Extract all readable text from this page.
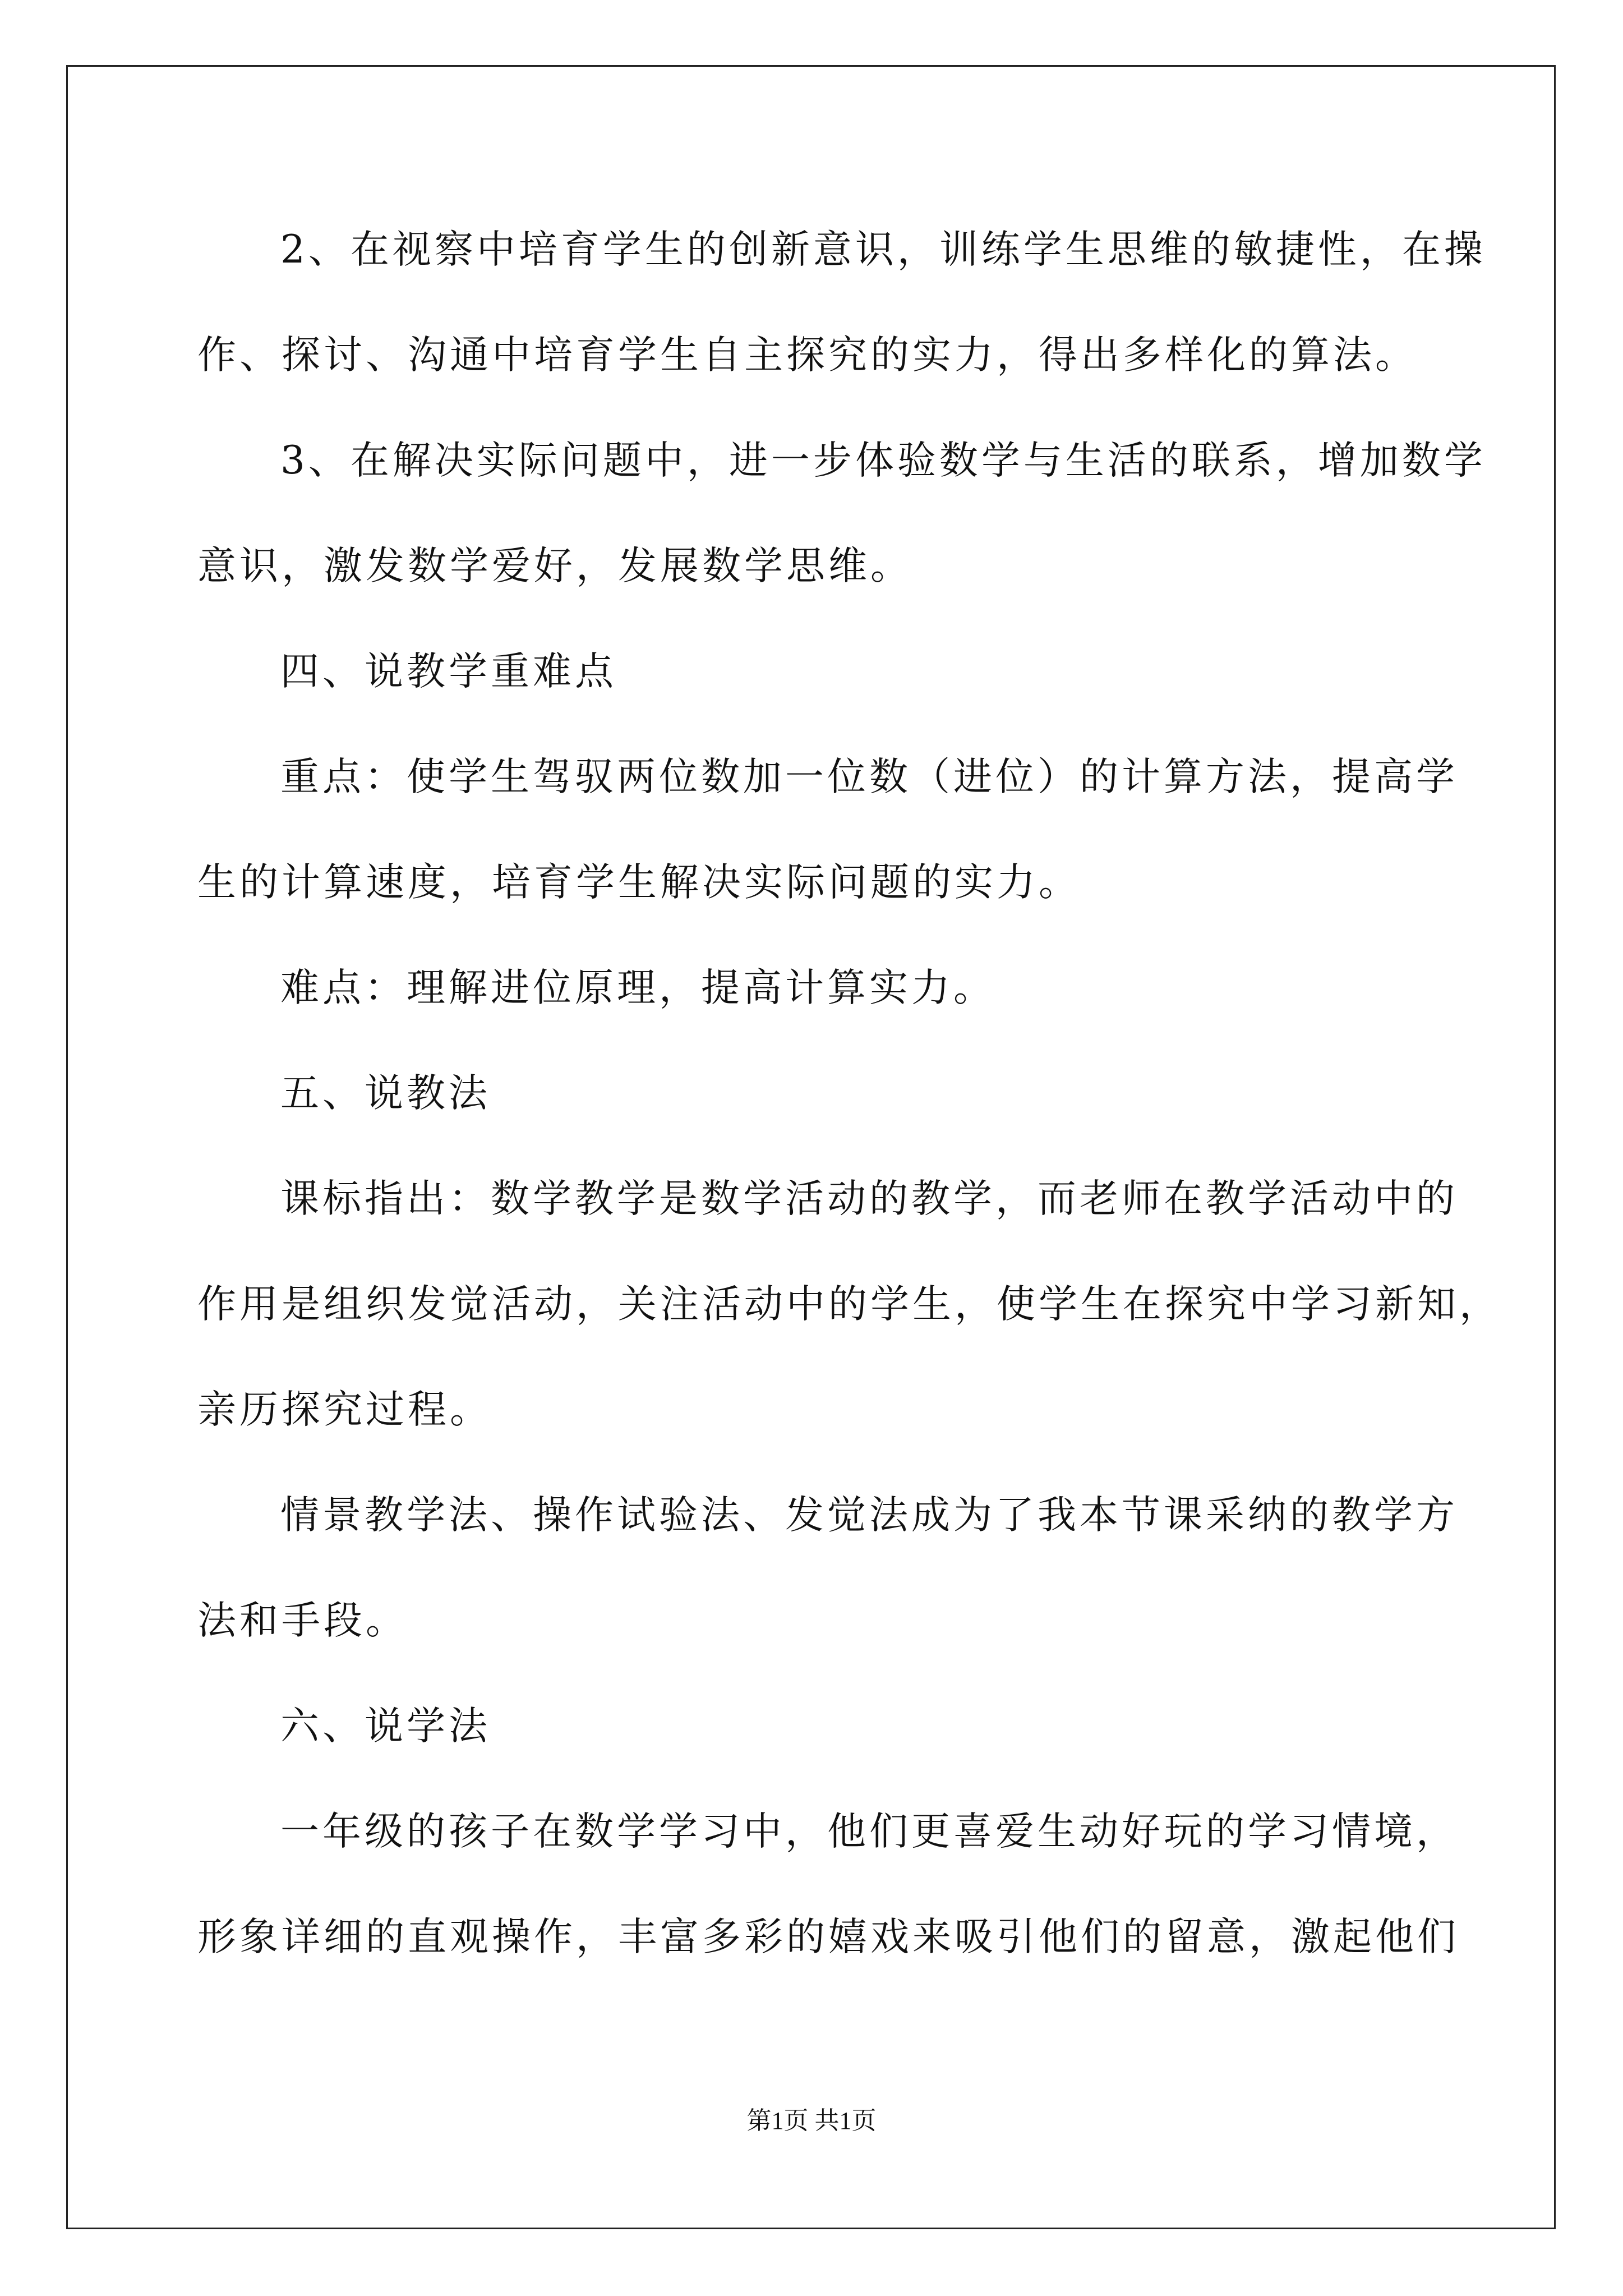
2、在视察中培育学生的创新意识，训练学生思维的敏捷性，在操
作、探讨、沟通中培育学生自主探究的实力，得出多样化的算法。
3、在解决实际问题中，进一步体验数学与生活的联系，增加数学
意识，激发数学爱好，发展数学思维。
四、说教学重难点
重点：使学生驾驭两位数加一位数（进位）的计算方法，提高学
生的计算速度，培育学生解决实际问题的实力。
难点：理解进位原理，提高计算实力。
五、说教法
课标指出：数学教学是数学活动的教学，而老师在教学活动中的
作用是组织发觉活动，关注活动中的学生，使学生在探究中学习新知，
亲历探究过程。
情景教学法、操作试验法、发觉法成为了我本节课采纳的教学方
法和手段。
六、说学法
一年级的孩子在数学学习中，他们更喜爱生动好玩的学习情境，
形象详细的直观操作，丰富多彩的嬉戏来吸引他们的留意，激起他们
第1页 共1页
